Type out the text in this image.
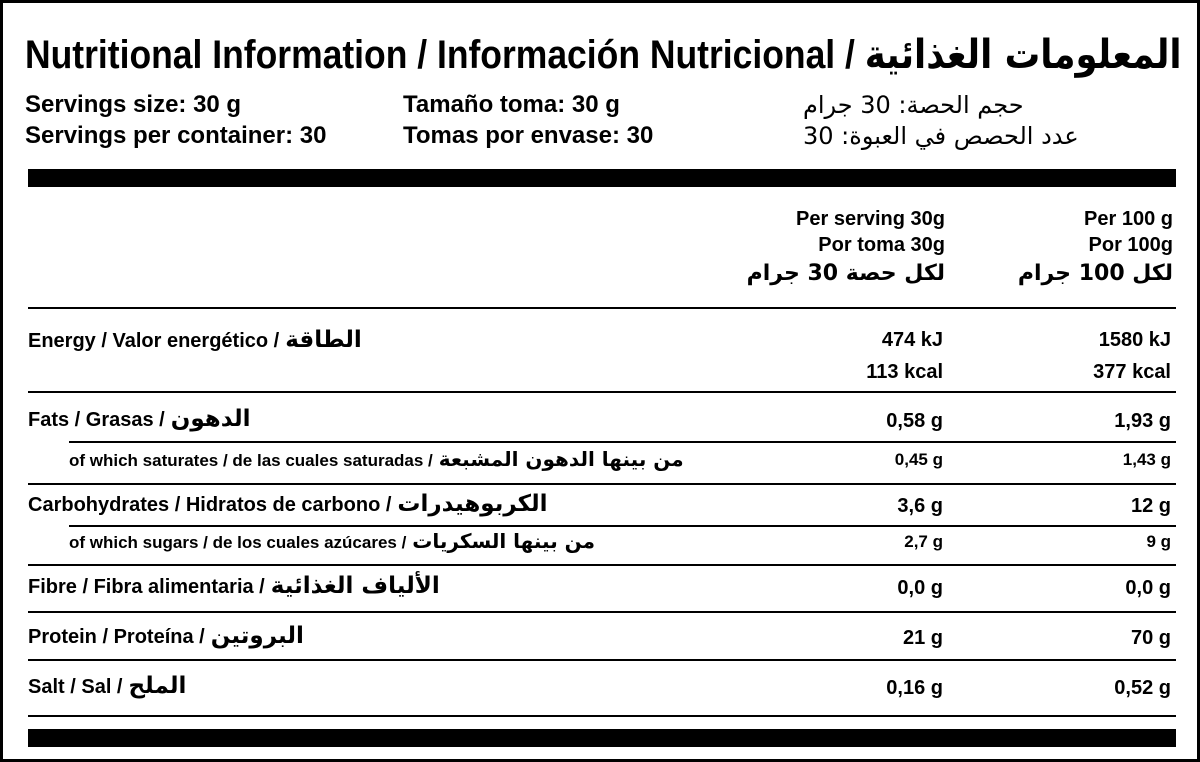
Nutritional Information / Información Nutricional / المعلومات الغذائية
Servings size: 30 g
Servings per container: 30
Tamaño toma: 30 g
Tomas por envase: 30
حجم الحصة: 30 جرام
عدد الحصص في العبوة: 30
Per serving 30g
Por toma 30g
لكل حصة 30 جرام
Per 100 g
Por 100g
لكل 100 جرام
Energy / Valor energético / الطاقة	474 kJ	1580 kJ
113 kcal	377 kcal
Fats / Grasas / الدهون	0,58 g	1,93 g
of which saturates / de las cuales saturadas / من بينها الدهون المشبعة	0,45 g	1,43 g
Carbohydrates / Hidratos de carbono / الكربوهيدرات	3,6 g	12 g
of which sugars / de los cuales azúcares / من بينها السكريات	2,7 g	9 g
Fibre / Fibra alimentaria / الألياف الغذائية	0,0 g	0,0 g
Protein / Proteína / البروتين	21 g	70 g
Salt / Sal / الملح	0,16 g	0,52 g
